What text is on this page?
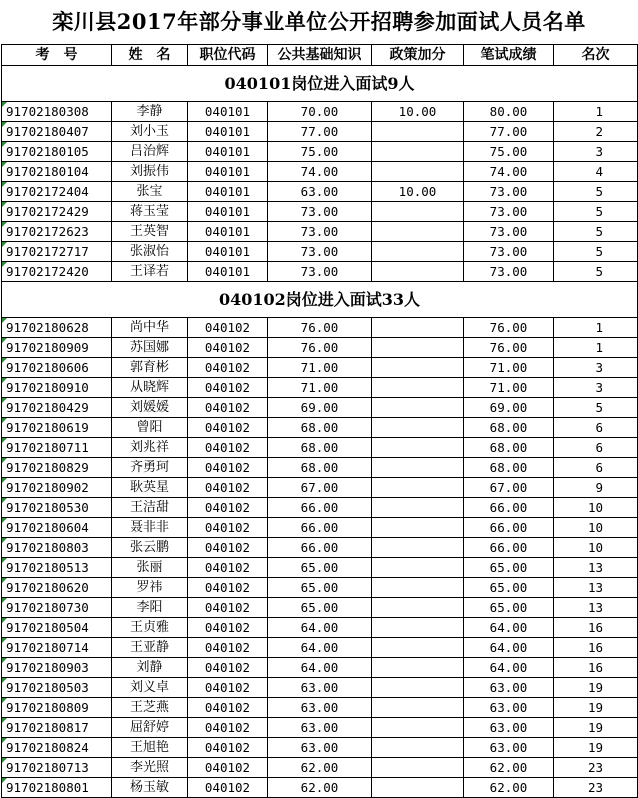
栾川县2017年部分事业单位公开招聘参加面试人员名单
考　号	姓　名	职位代码	公共基础知识	政策加分	笔试成绩	名次
040101岗位进入面试9人						
91702180308	李静	040101	70.00	10.00	80.00	1
91702180407	刘小玉	040101	77.00		77.00	2
91702180105	吕治辉	040101	75.00		75.00	3
91702180104	刘振伟	040101	74.00		74.00	4
91702172404	张宝	040101	63.00	10.00	73.00	5
91702172429	蒋玉莹	040101	73.00		73.00	5
91702172623	王英智	040101	73.00		73.00	5
91702172717	张淑怡	040101	73.00		73.00	5
91702172420	王译若	040101	73.00		73.00	5
040102岗位进入面试33人						
91702180628	尚中华	040102	76.00		76.00	1
91702180909	苏国娜	040102	76.00		76.00	1
91702180606	郭育彬	040102	71.00		71.00	3
91702180910	从晓辉	040102	71.00		71.00	3
91702180429	刘媛媛	040102	69.00		69.00	5
91702180619	曾阳	040102	68.00		68.00	6
91702180711	刘兆祥	040102	68.00		68.00	6
91702180829	齐勇珂	040102	68.00		68.00	6
91702180902	耿英星	040102	67.00		67.00	9
91702180530	王洁甜	040102	66.00		66.00	10
91702180604	聂非非	040102	66.00		66.00	10
91702180803	张云鹏	040102	66.00		66.00	10
91702180513	张丽	040102	65.00		65.00	13
91702180620	罗祎	040102	65.00		65.00	13
91702180730	李阳	040102	65.00		65.00	13
91702180504	王贞雅	040102	64.00		64.00	16
91702180714	王亚静	040102	64.00		64.00	16
91702180903	刘静	040102	64.00		64.00	16
91702180503	刘义卓	040102	63.00		63.00	19
91702180809	王芝燕	040102	63.00		63.00	19
91702180817	屈舒婷	040102	63.00		63.00	19
91702180824	王旭艳	040102	63.00		63.00	19
91702180713	李光照	040102	62.00		62.00	23
91702180801	杨玉敏	040102	62.00		62.00	23
